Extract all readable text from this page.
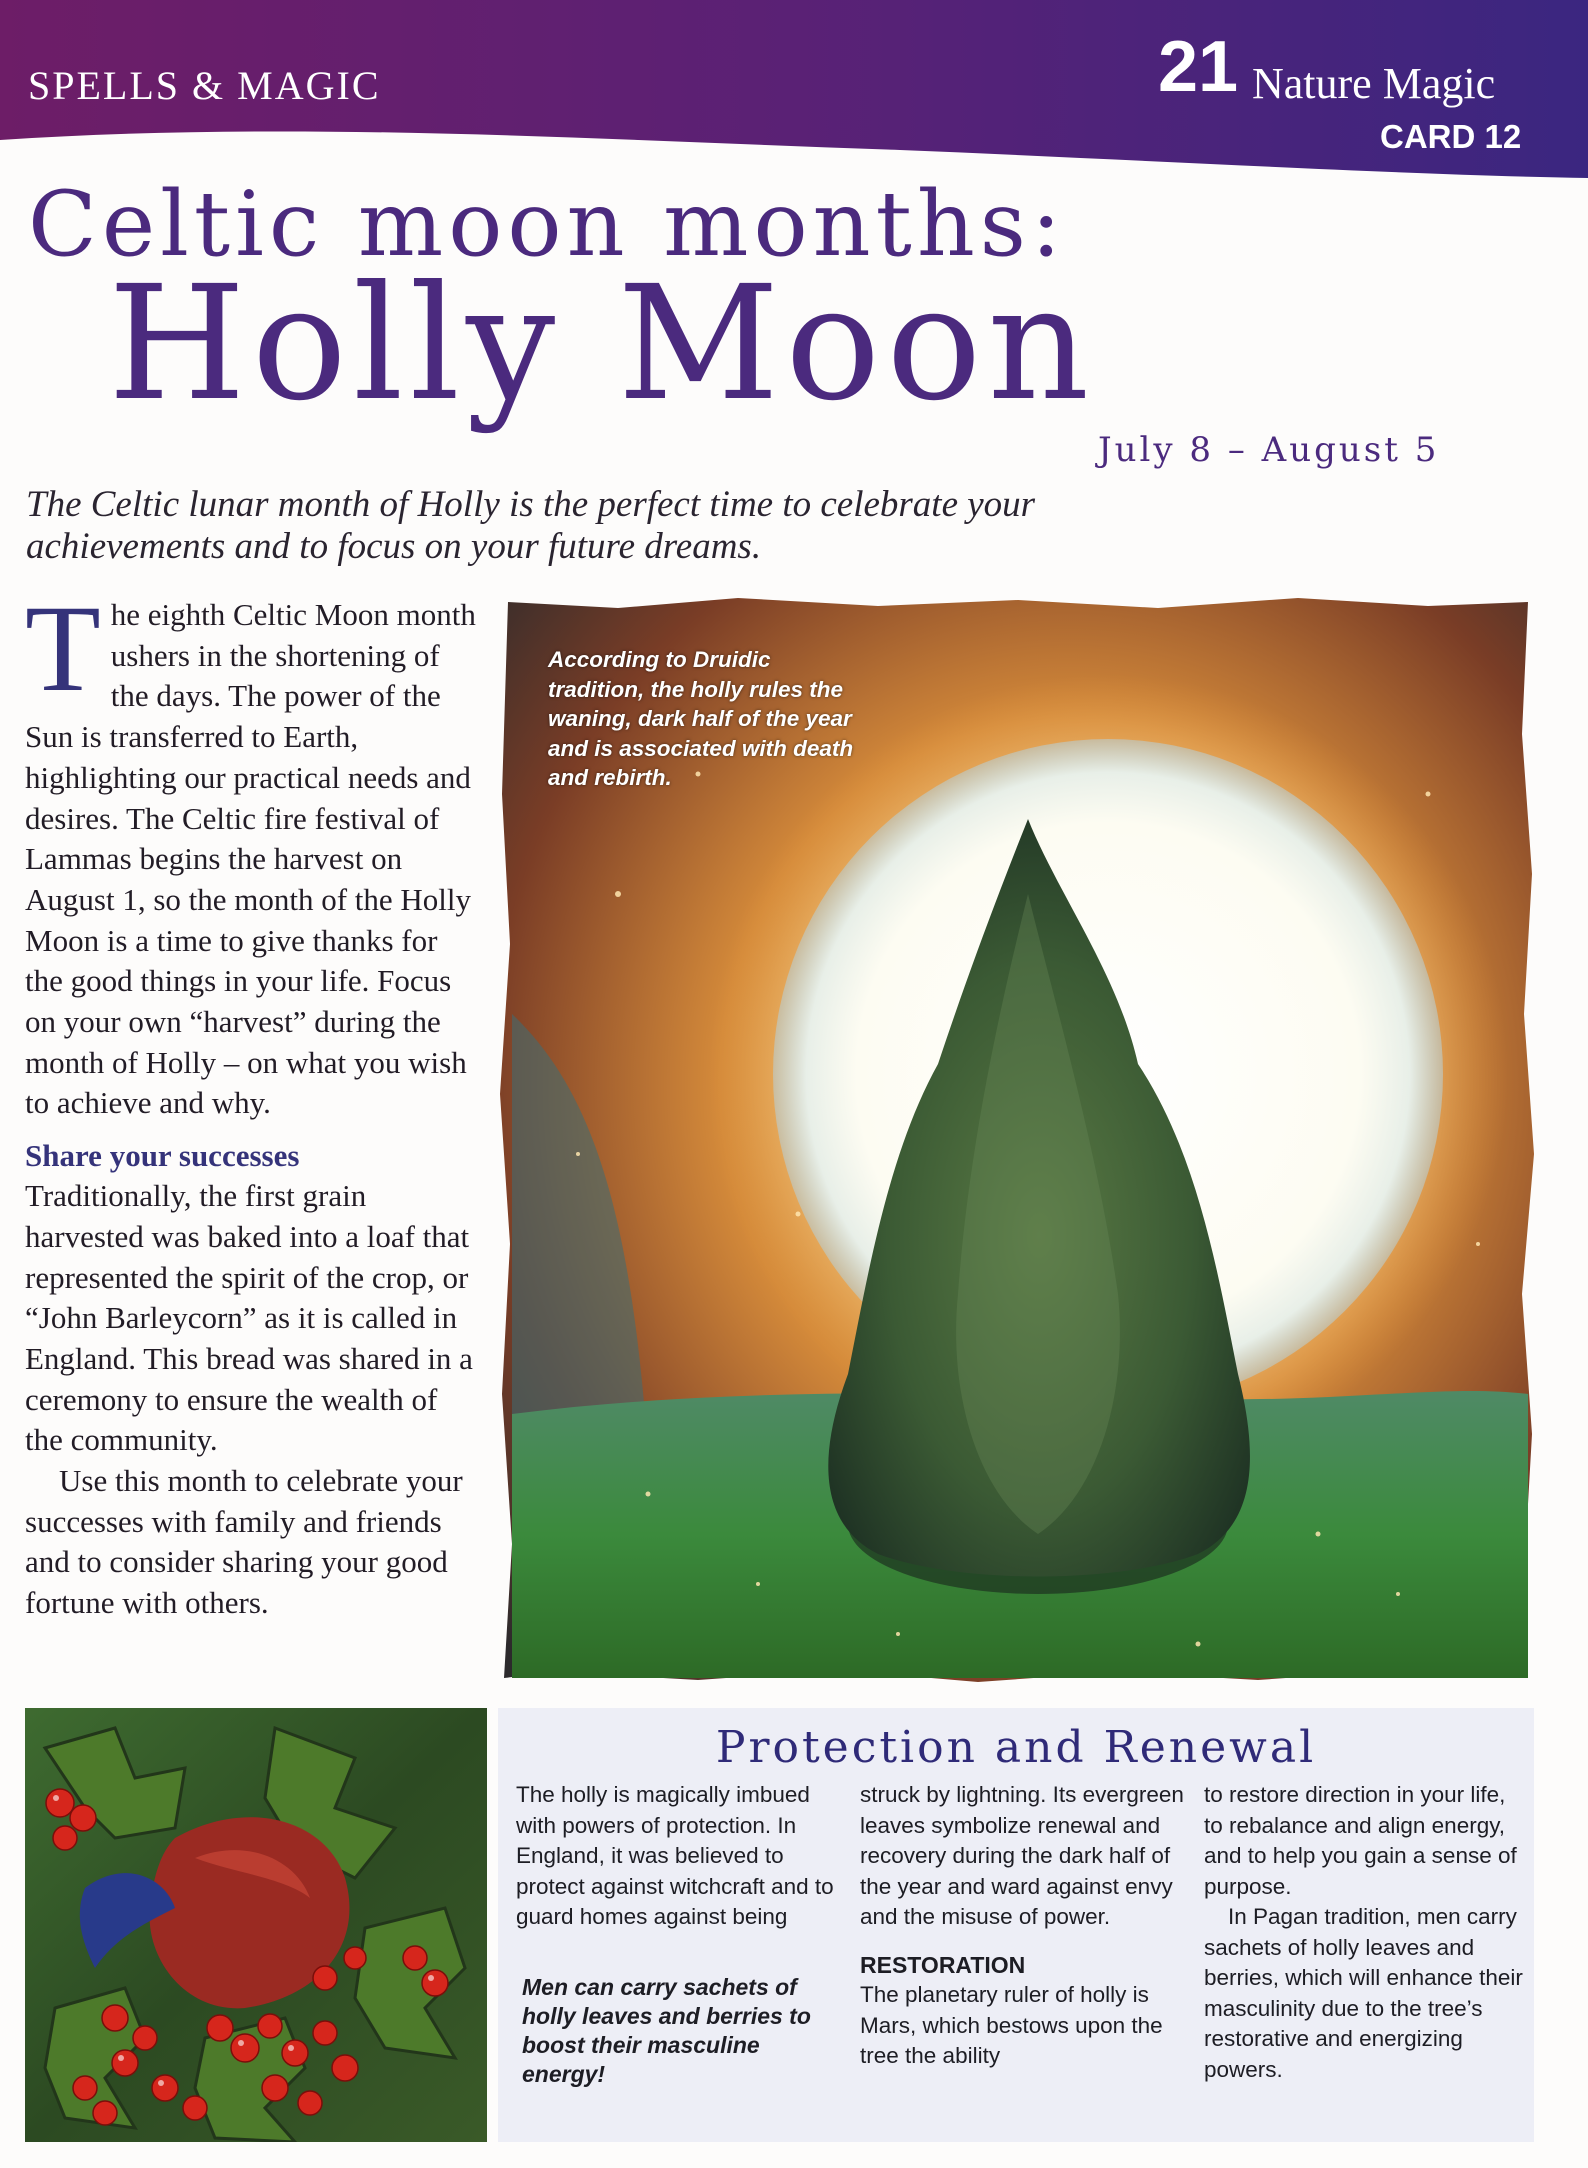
SPELLS & MAGIC	21 Nature Magic
CARD 12
Celtic moon months:
Holly Moon
July 8 – August 5
The Celtic lunar month of Holly is the perfect time to celebrate your achievements and to focus on your future dreams.
T he eighth Celtic Moon month ushers in the shortening of the days. The power of the Sun is transferred to Earth, highlighting our practical needs and desires. The Celtic fire festival of Lammas begins the harvest on August 1, so the month of the Holly Moon is a time to give thanks for the good things in your life. Focus on your own “harvest” during the month of Holly – on what you wish to achieve and why.

Share your successes

Traditionally, the first grain harvested was baked into a loaf that represented the spirit of the crop, or “John Barleycorn” as it is called in England. This bread was shared in a ceremony to ensure the wealth of the community.

Use this month to celebrate your successes with family and friends and to consider sharing your good fortune with others.

According to Druidic tradition, the holly rules the waning, dark half of the year and is associated with death and rebirth.
Protection and Renewal

The holly is magically imbued with powers of protection. In England, it was believed to protect against witchcraft and to guard homes against being

Men can carry sachets of holly leaves and berries to boost their masculine energy!

struck by lightning. Its evergreen leaves symbolize renewal and recovery during the dark half of the year and ward against envy and the misuse of power.

RESTORATION

The planetary ruler of holly is Mars, which bestows upon the tree the ability

to restore direction in your life, to rebalance and align energy, and to help you gain a sense of purpose.

In Pagan tradition, men carry sachets of holly leaves and berries, which will enhance their masculinity due to the tree’s restorative and energizing powers.
